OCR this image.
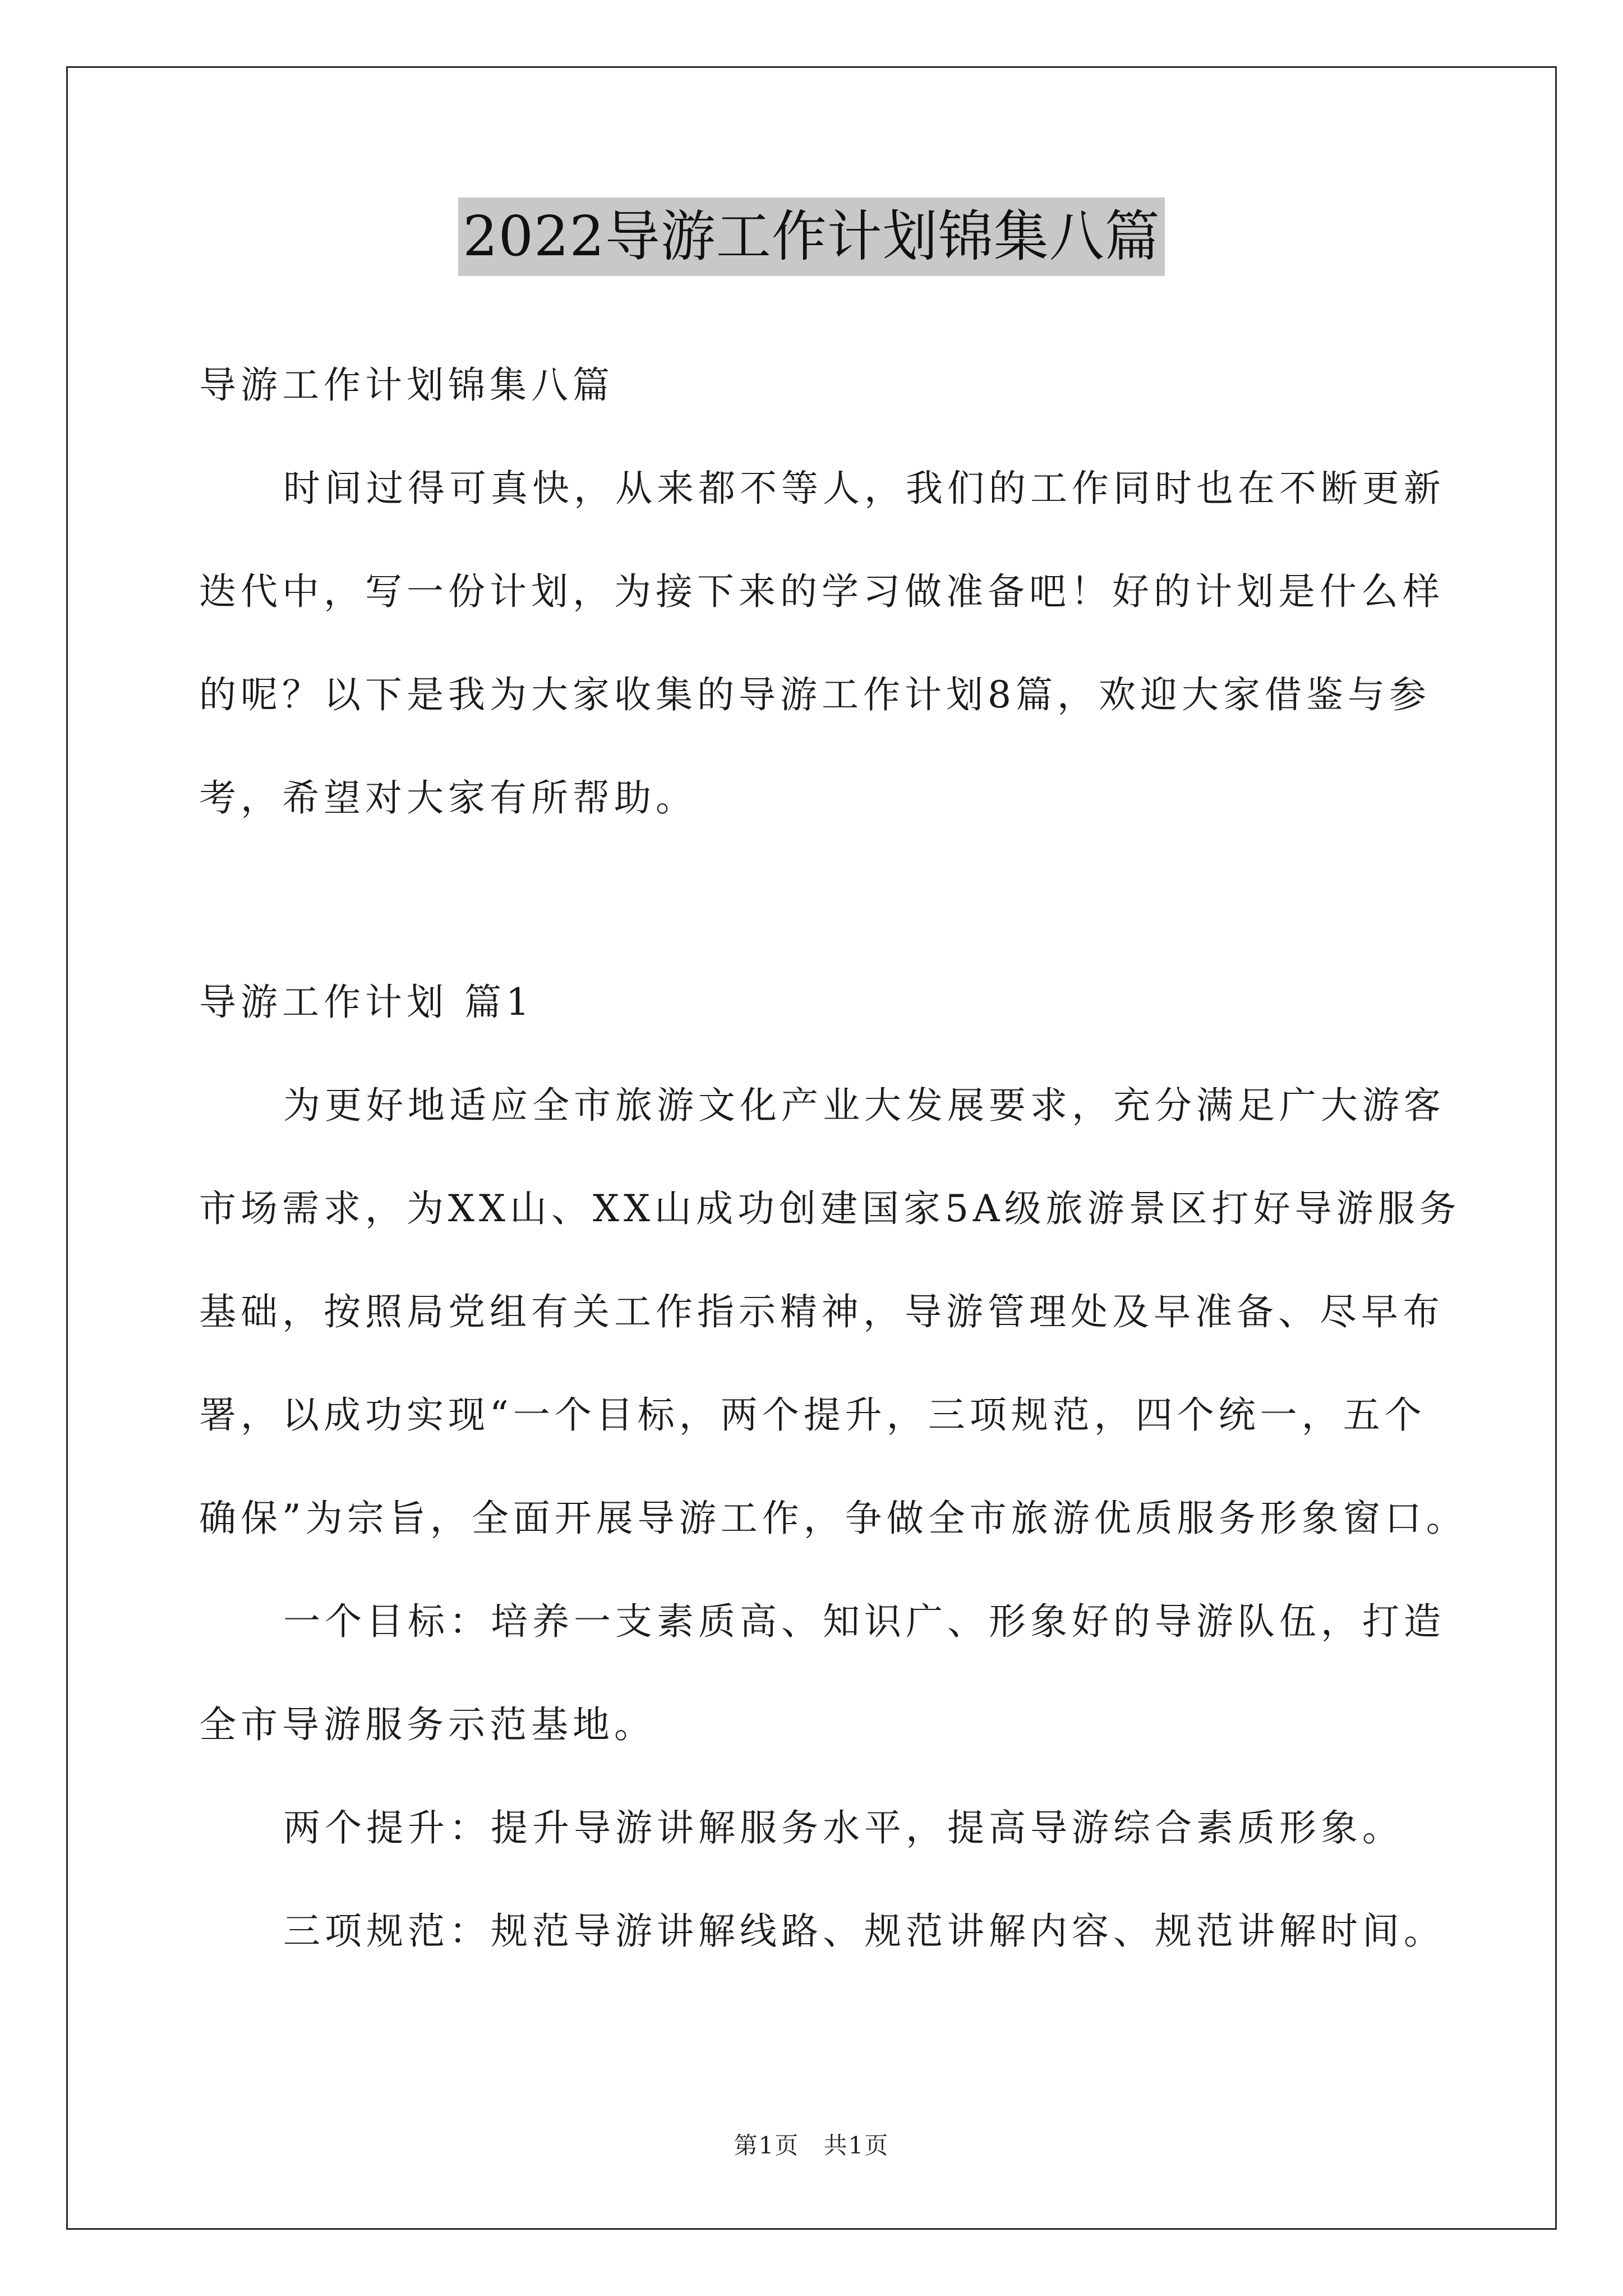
2022导游工作计划锦集八篇
导游工作计划锦集八篇
时间过得可真快，从来都不等人，我们的工作同时也在不断更新
迭代中，写一份计划，为接下来的学习做准备吧！好的计划是什么样
的呢？以下是我为大家收集的导游工作计划8篇，欢迎大家借鉴与参
考，希望对大家有所帮助。
导游工作计划 篇1
为更好地适应全市旅游文化产业大发展要求，充分满足广大游客
市场需求，为XX山、XX山成功创建国家5A级旅游景区打好导游服务
基础，按照局党组有关工作指示精神，导游管理处及早准备、尽早布
署，以成功实现“一个目标，两个提升，三项规范，四个统一，五个
确保”为宗旨，全面开展导游工作，争做全市旅游优质服务形象窗口。
一个目标：培养一支素质高、知识广、形象好的导游队伍，打造
全市导游服务示范基地。
两个提升：提升导游讲解服务水平，提高导游综合素质形象。
三项规范：规范导游讲解线路、规范讲解内容、规范讲解时间。
第1页 共1页
